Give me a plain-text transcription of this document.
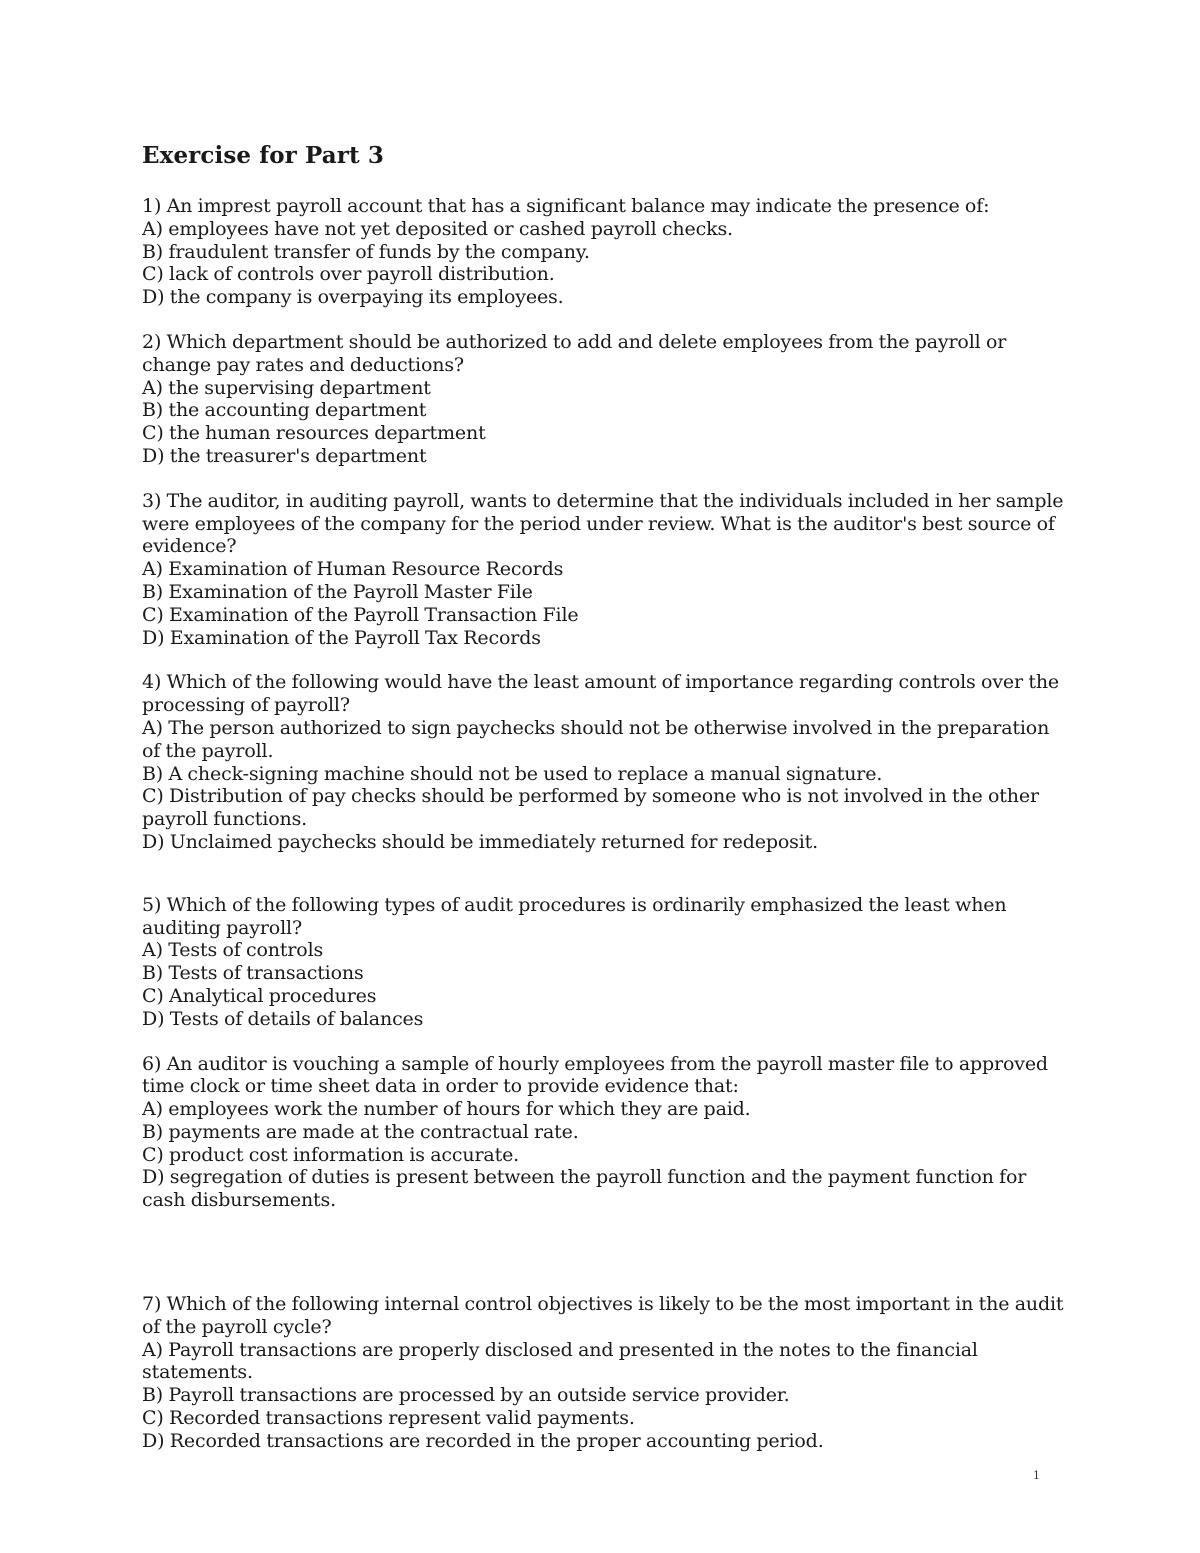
Exercise for Part 3

1) An imprest payroll account that has a significant balance may indicate the presence of:

A) employees have not yet deposited or cashed payroll checks.

B) fraudulent transfer of funds by the company.

C) lack of controls over payroll distribution.

D) the company is overpaying its employees.

2) Which department should be authorized to add and delete employees from the payroll or change pay rates and deductions?

A) the supervising department

B) the accounting department

C) the human resources department

D) the treasurer's department

3) The auditor, in auditing payroll, wants to determine that the individuals included in her sample were employees of the company for the period under review. What is the auditor's best source of evidence?

A) Examination of Human Resource Records

B) Examination of the Payroll Master File

C) Examination of the Payroll Transaction File

D) Examination of the Payroll Tax Records

4) Which of the following would have the least amount of importance regarding controls over the processing of payroll?

A) The person authorized to sign paychecks should not be otherwise involved in the preparation of the payroll.

B) A check-signing machine should not be used to replace a manual signature.

C) Distribution of pay checks should be performed by someone who is not involved in the other payroll functions.

D) Unclaimed paychecks should be immediately returned for redeposit.

5) Which of the following types of audit procedures is ordinarily emphasized the least when auditing payroll?

A) Tests of controls

B) Tests of transactions

C) Analytical procedures

D) Tests of details of balances

6) An auditor is vouching a sample of hourly employees from the payroll master file to approved time clock or time sheet data in order to provide evidence that:

A) employees work the number of hours for which they are paid.

B) payments are made at the contractual rate.

C) product cost information is accurate.

D) segregation of duties is present between the payroll function and the payment function for cash disbursements.

7) Which of the following internal control objectives is likely to be the most important in the audit of the payroll cycle?

A) Payroll transactions are properly disclosed and presented in the notes to the financial statements.

B) Payroll transactions are processed by an outside service provider.

C) Recorded transactions represent valid payments.

D) Recorded transactions are recorded in the proper accounting period.

1
